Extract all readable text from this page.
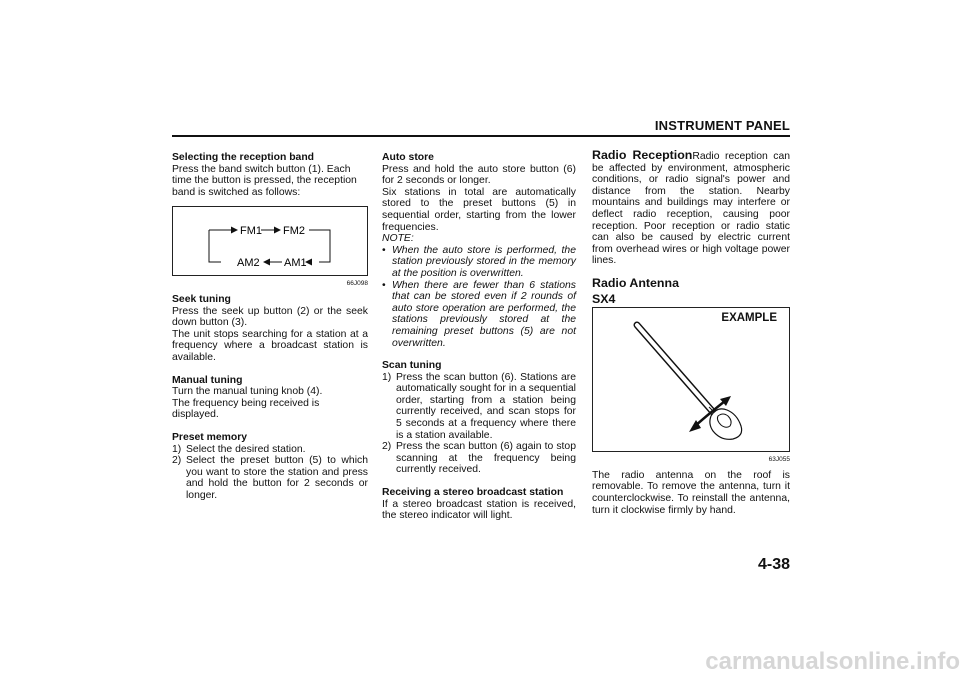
INSTRUMENT PANEL

Selecting the reception band

Press the band switch button (1). Each time the button is pressed, the reception band is switched as follows:

FM1 FM2
AM1
AM2
66J098

Seek tuning

Press the seek up button (2) or the seek down button (3).

The unit stops searching for a station at a frequency where a broadcast station is available.

Manual tuning

Turn the manual tuning knob (4).

The frequency being received is displayed.

Preset memory

1) Select the desired station.
2) Select the preset button (5) to which you want to store the station and press and hold the button for 2 seconds or longer.

Auto store

Press and hold the auto store button (6) for 2 seconds or longer.

Six stations in total are automatically stored to the preset buttons (5) in sequential order, starting from the lower frequencies.

NOTE:

• When the auto store is performed, the station previously stored in the memory at the position is overwritten.
• When there are fewer than 6 stations that can be stored even if 2 rounds of auto store operation are performed, the stations previously stored at the remaining preset buttons (5) are not overwritten.

Scan tuning

1) Press the scan button (6). Stations are automatically sought for in a sequential order, starting from a station being currently received, and scan stops for 5 seconds at a frequency where there is a station available.
2) Press the scan button (6) again to stop scanning at the frequency being currently received.

Receiving a stereo broadcast station

If a stereo broadcast station is received, the stereo indicator will light.

Radio ReceptionRadio reception can be affected by environment, atmospheric conditions, or radio signal's power and distance from the station. Nearby mountains and buildings may interfere or deflect radio reception, causing poor reception. Poor reception or radio static can also be caused by electric current from overhead wires or high voltage power lines.

Radio Antenna

SX4

EXAMPLE
63J055

The radio antenna on the roof is removable. To remove the antenna, turn it counterclockwise. To reinstall the antenna, turn it clockwise firmly by hand.

4-38
carmanualsonline.info
